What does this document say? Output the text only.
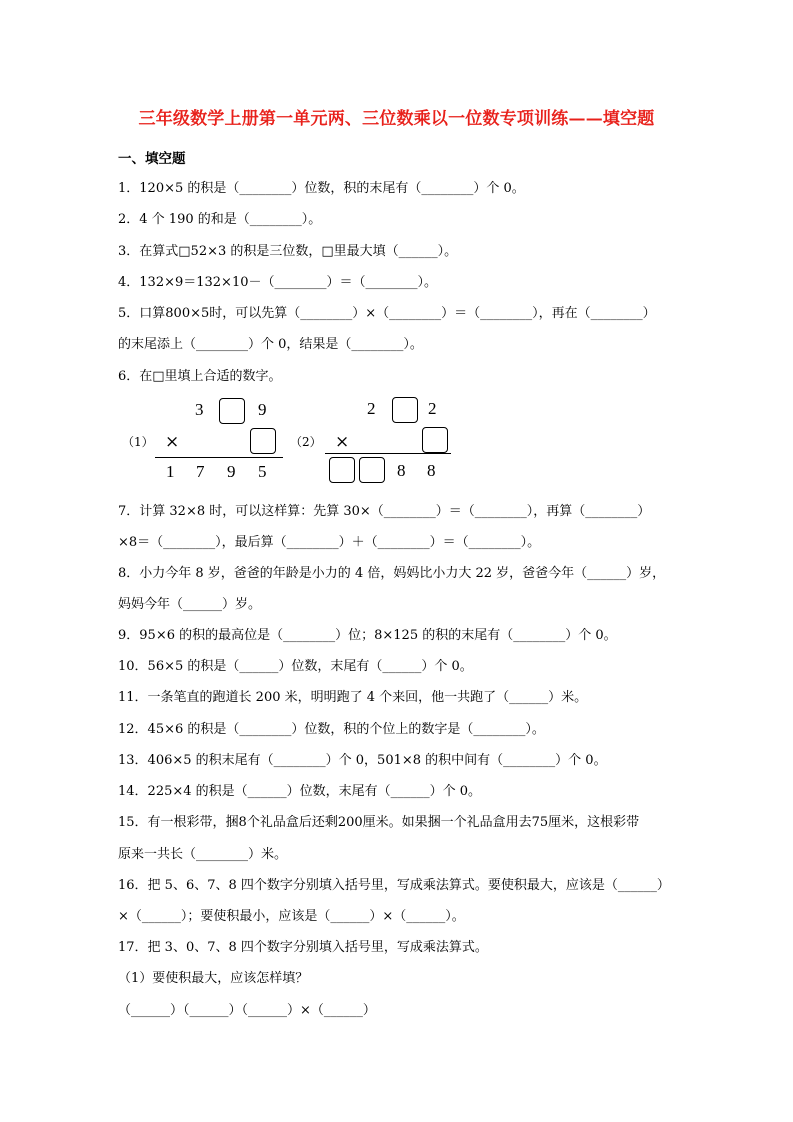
三年级数学上册第一单元两、三位数乘以一位数专项训练——填空题
一、填空题
1．120×5 的积是（________）位数，积的末尾有（________）个 0。
2．4 个 190 的和是（________）。
3．在算式□52×3 的积是三位数，□里最大填（______）。
4．132×9＝132×10－（________）＝（________）。
5．口算800×5时，可以先算（________）×（________）＝（________），再在（________）
的末尾添上（________）个 0，结果是（________）。
6．在□里填上合适的数字。
（1）
3	9
×
1 7 9 5
（2）
2	2
×
8 8
7．计算 32×8 时，可以这样算：先算 30×（________）＝（________），再算（________）
×8＝（________），最后算（________）＋（________）＝（________）。
8．小力今年 8 岁，爸爸的年龄是小力的 4 倍，妈妈比小力大 22 岁，爸爸今年（______）岁，
妈妈今年（______）岁。
9．95×6 的积的最高位是（________）位；8×125 的积的末尾有（________）个 0。
10．56×5 的积是（______）位数，末尾有（______）个 0。
11．一条笔直的跑道长 200 米，明明跑了 4 个来回，他一共跑了（______）米。
12．45×6 的积是（________）位数，积的个位上的数字是（________）。
13．406×5 的积末尾有（________）个 0，501×8 的积中间有（________）个 0。
14．225×4 的积是（______）位数，末尾有（______）个 0。
15．有一根彩带，捆8个礼品盒后还剩200厘米。如果捆一个礼品盒用去75厘米，这根彩带
原来一共长（________）米。
16．把 5、6、7、8 四个数字分别填入括号里，写成乘法算式。要使积最大，应该是（______）
×（______）；要使积最小，应该是（______）×（______）。
17．把 3、0、7、8 四个数字分别填入括号里，写成乘法算式。
（1）要使积最大，应该怎样填？
（______）（______）（______）×（______）
